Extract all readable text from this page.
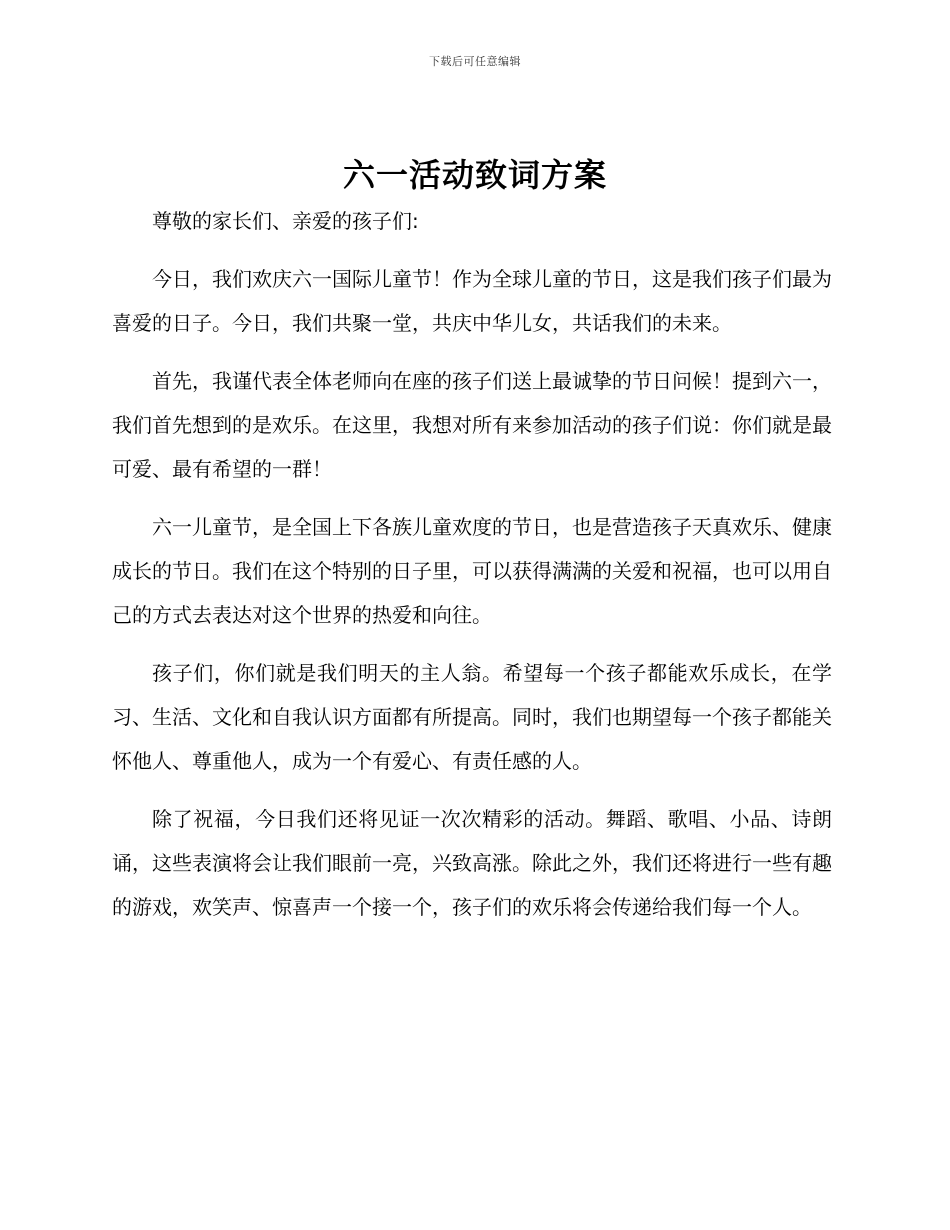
下载后可任意编辑
六一活动致词方案

尊敬的家长们、亲爱的孩子们:

今日，我们欢庆六一国际儿童节！作为全球儿童的节日，这是我们孩子们最为喜爱的日子。今日，我们共聚一堂，共庆中华儿女，共话我们的未来。

首先，我谨代表全体老师向在座的孩子们送上最诚挚的节日问候！提到六一，我们首先想到的是欢乐。在这里，我想对所有来参加活动的孩子们说：你们就是最可爱、最有希望的一群！

六一儿童节，是全国上下各族儿童欢度的节日，也是营造孩子天真欢乐、健康成长的节日。我们在这个特别的日子里，可以获得满满的关爱和祝福，也可以用自己的方式去表达对这个世界的热爱和向往。

孩子们，你们就是我们明天的主人翁。希望每一个孩子都能欢乐成长，在学习、生活、文化和自我认识方面都有所提高。同时，我们也期望每一个孩子都能关怀他人、尊重他人，成为一个有爱心、有责任感的人。

除了祝福，今日我们还将见证一次次精彩的活动。舞蹈、歌唱、小品、诗朗诵，这些表演将会让我们眼前一亮，兴致高涨。除此之外，我们还将进行一些有趣的游戏，欢笑声、惊喜声一个接一个，孩子们的欢乐将会传递给我们每一个人。
